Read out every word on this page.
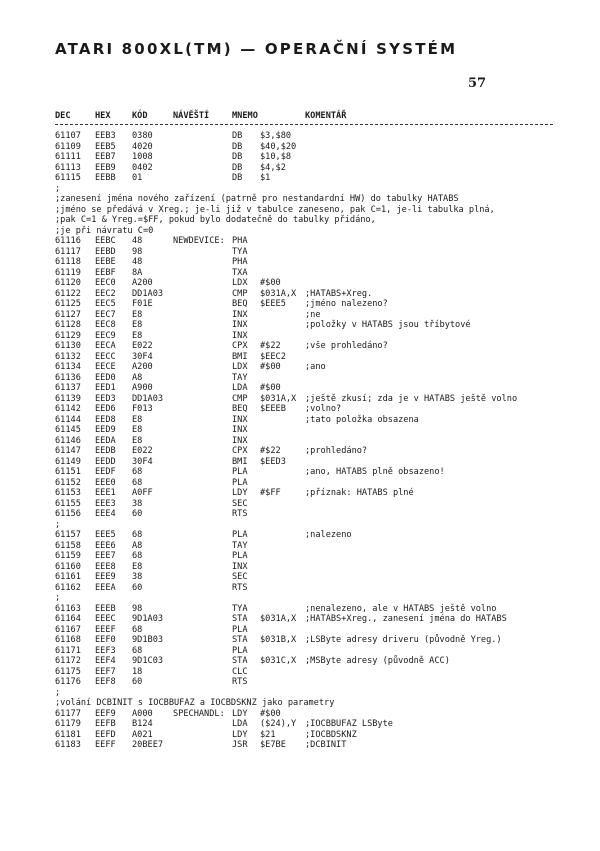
ATARI 800XL(TM) — OPERAČNÍ SYSTÉM
57
DEC	HEX KÓD	NÁVĚŠTÍ	MNEMO	KOMENTÁŘ
61107 EEB3 0380	DB $3,$80
61109 EEB5 4020	DB $40,$20
61111 EEB7 1008	DB $10,$8
61113 EEB9 0402	DB $4,$2
61115 EEBB 01	DB $1
;
;zanesení jména nového zařízení (patrně pro nestandardní HW) do tabulky HATABS
;jméno se předává v Xreg.; je-li již v tabulce zaneseno, pak C=1, je-li tabulka plná,
;pak C=1 & Yreg.=$FF, pokud bylo dodatečně do tabulky přidáno,
;je při návratu C=0
61116 EEBC 48	NEWDEVICE: PHA
61117 EEBD 98	TYA
61118 EEBE 48	PHA
61119 EEBF 8A	TXA
61120 EEC0 A200	LDX #$00
61122 EEC2 DD1A03	CMP $031A,X ;HATABS+Xreg.
61125 EEC5 F01E	BEQ $EEE5 ;jméno nalezeno?
61127 EEC7 E8	INX	;ne
61128 EEC8 E8	INX	;položky v HATABS jsou tříbytové
61129 EEC9 E8	INX
61130 EECA E022	CPX #$22	;vše prohledáno?
61132 EECC 30F4	BMI $EEC2
61134 EECE A200	LDX #$00	;ano
61136 EED0 A8	TAY
61137 EED1 A900	LDA #$00
61139 EED3 DD1A03	CMP $031A,X ;ještě zkusí; zda je v HATABS ještě volno
61142 EED6 F013	BEQ $EEEB ;volno?
61144 EED8 E8	INX	;tato položka obsazena
61145 EED9 E8	INX
61146 EEDA E8	INX
61147 EEDB E022	CPX #$22	;prohledáno?
61149 EEDD 30F4	BMI $EED3
61151 EEDF 68	PLA	;ano, HATABS plně obsazeno!
61152 EEE0 68	PLA
61153 EEE1 A0FF	LDY #$FF	;příznak: HATABS plné
61155 EEE3 38	SEC
61156 EEE4 60	RTS
;
61157 EEE5 68	PLA	;nalezeno
61158 EEE6 A8	TAY
61159 EEE7 68	PLA
61160 EEE8 E8	INX
61161 EEE9 38	SEC
61162 EEEA 60	RTS
;
61163 EEEB 98	TYA	;nenalezeno, ale v HATABS ještě volno
61164 EEEC 9D1A03	STA $031A,X ;HATABS+Xreg., zanesení jména do HATABS
61167 EEEF 68	PLA
61168 EEF0 9D1B03	STA $031B,X ;LSByte adresy driveru (původně Yreg.)
61171 EEF3 68	PLA
61172 EEF4 9D1C03	STA $031C,X ;MSByte adresy (původně ACC)
61175 EEF7 18	CLC
61176 EEF8 60	RTS
;
;volání DCBINIT s IOCBBUFAZ a IOCBDSKNZ jako parametry
61177 EEF9 A000 SPECHANDL: LDY #$00
61179 EEFB B124	LDA ($24),Y ;IOCBBUFAZ LSByte
61181 EEFD A021	LDY $21	;IOCBDSKNZ
61183 EEFF 20BEE7	JSR $E7BE ;DCBINIT
